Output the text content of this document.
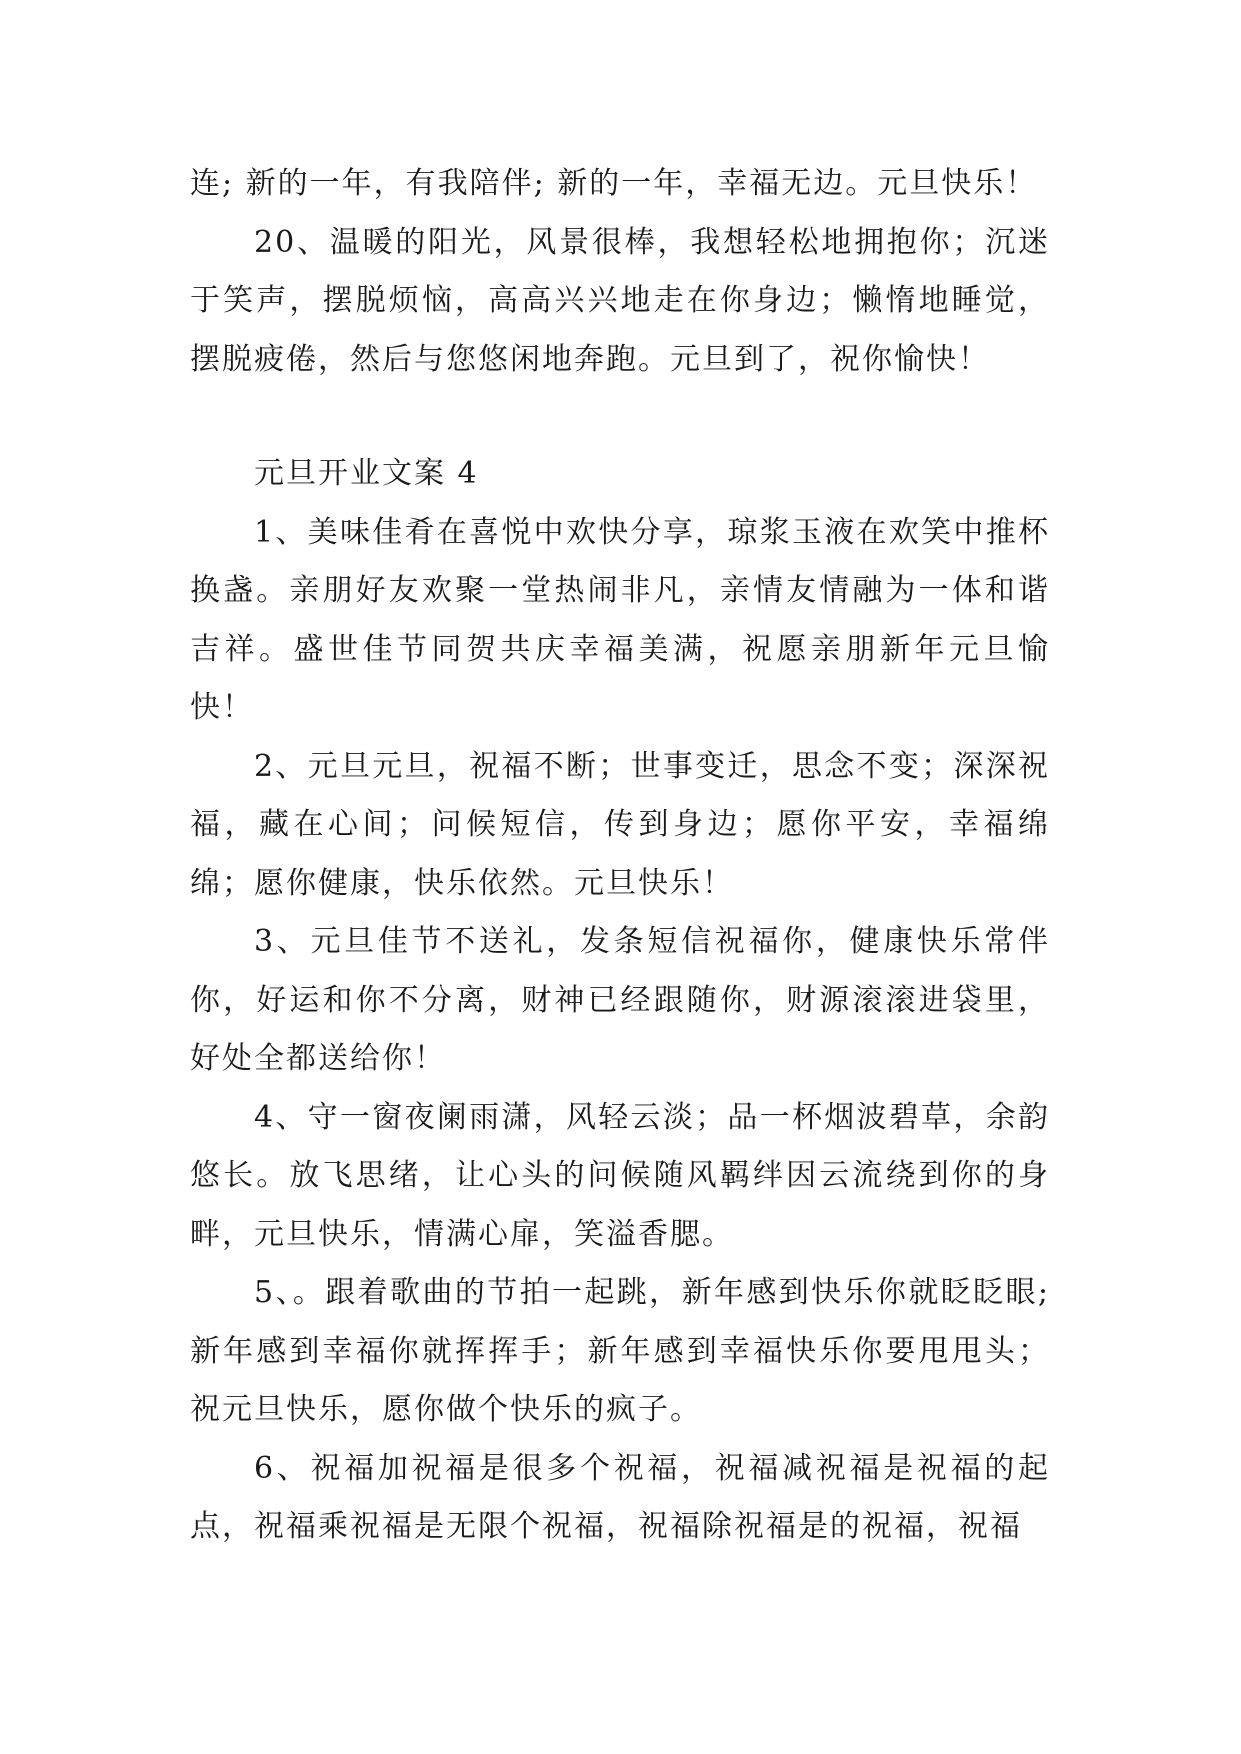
连; 新的一年，有我陪伴; 新的一年，幸福无边。元旦快乐！

20、温暖的阳光，风景很棒，我想轻松地拥抱你；沉迷于笑声，摆脱烦恼，高高兴兴地走在你身边；懒惰地睡觉，摆脱疲倦，然后与您悠闲地奔跑。元旦到了，祝你愉快！

元旦开业文案 4

1、美味佳肴在喜悦中欢快分享，琼浆玉液在欢笑中推杯换盏。亲朋好友欢聚一堂热闹非凡，亲情友情融为一体和谐吉祥。盛世佳节同贺共庆幸福美满，祝愿亲朋新年元旦愉快！

2、元旦元旦，祝福不断；世事变迁，思念不变；深深祝福，藏在心间；问候短信，传到身边；愿你平安，幸福绵绵；愿你健康，快乐依然。元旦快乐！

3、元旦佳节不送礼，发条短信祝福你，健康快乐常伴你，好运和你不分离，财神已经跟随你，财源滚滚进袋里，好处全都送给你！

4、守一窗夜阑雨潇，风轻云淡；品一杯烟波碧草，余韵悠长。放飞思绪，让心头的问候随风羁绊因云流绕到你的身畔，元旦快乐，情满心扉，笑溢香腮。

5、。跟着歌曲的节拍一起跳，新年感到快乐你就眨眨眼; 新年感到幸福你就挥挥手；新年感到幸福快乐你要甩甩头；祝元旦快乐，愿你做个快乐的疯子。

6、祝福加祝福是很多个祝福，祝福减祝福是祝福的起点，祝福乘祝福是无限个祝福，祝福除祝福是的祝福，祝福
